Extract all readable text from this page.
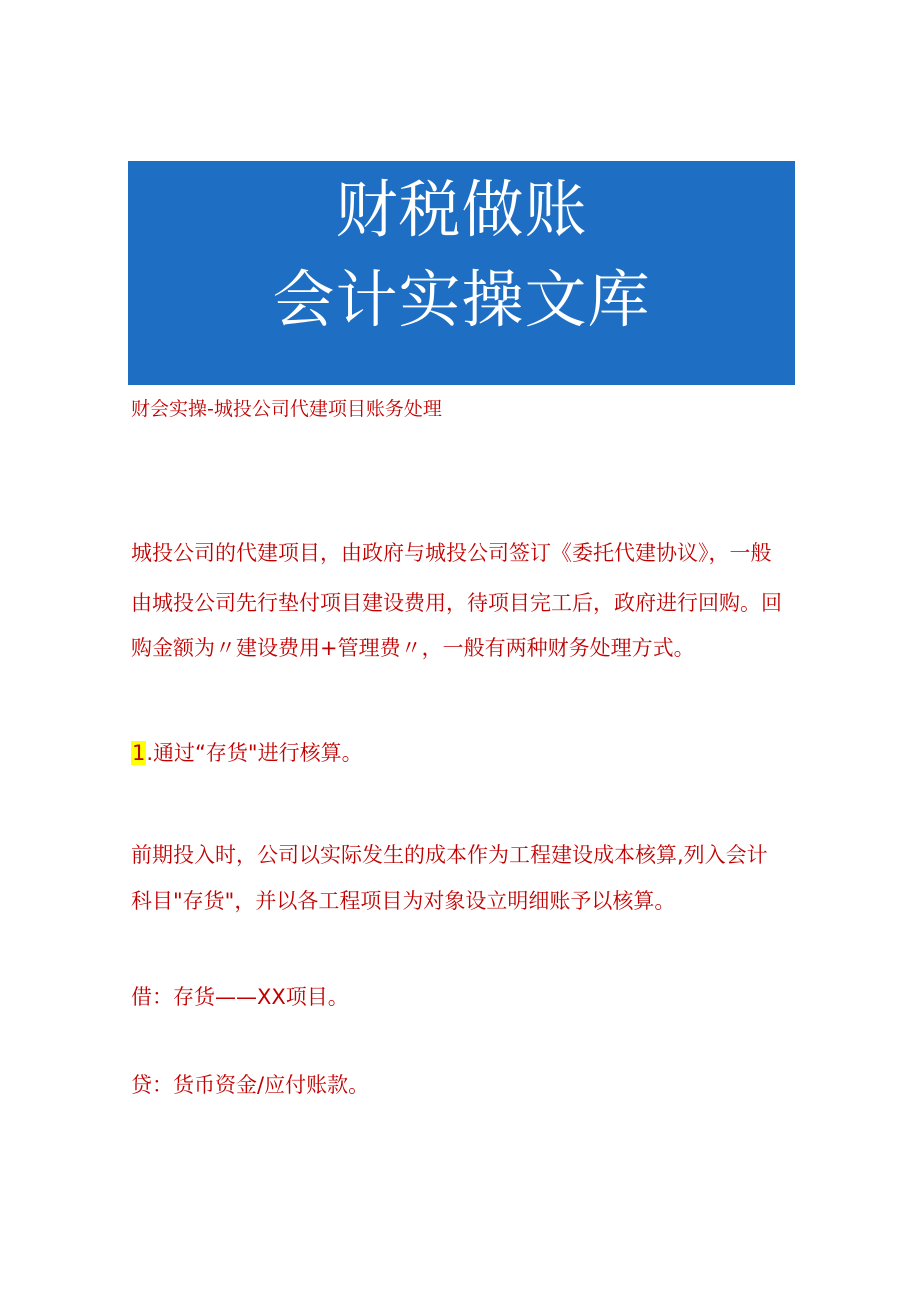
财税做账
会计实操文库
财会实操-城投公司代建项目账务处理
城投公司的代建项目，由政府与城投公司签订《委托代建协议》，一般
由城投公司先行垫付项目建设费用，待项目完工后，政府进行回购。回
购金额为〃建设费用+管理费〃，一般有两种财务处理方式。
1.通过“存货"进行核算。
前期投入时，公司以实际发生的成本作为工程建设成本核算,列入会计
科目"存货"，并以各工程项目为对象设立明细账予以核算。
借：存货——XX项目。
贷：货币资金/应付账款。
